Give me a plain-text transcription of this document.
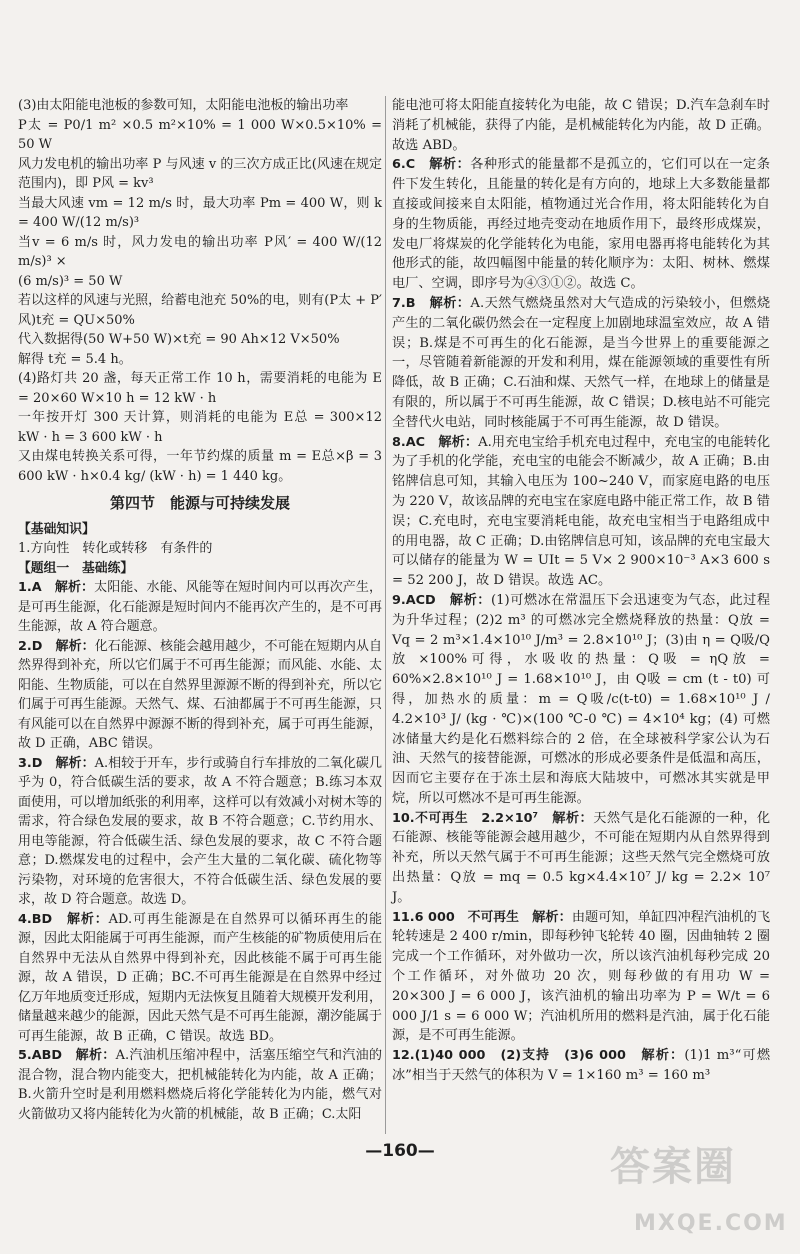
(3)由太阳能电池板的参数可知，太阳能电池板的输出功率

P太 = P0/1 m² ×0.5 m²×10% = 1 000 W×0.5×10% = 50 W

风力发电机的输出功率 P 与风速 v 的三次方成正比(风速在规定范围内)，即 P风 = kv³

当最大风速 vm = 12 m/s 时，最大功率 Pm = 400 W，则 k = 400 W/(12 m/s)³

当v = 6 m/s 时，风力发电的输出功率 P风′ = 400 W/(12 m/s)³ ×

(6 m/s)³ = 50 W

若以这样的风速与光照，给蓄电池充 50%的电，则有(P太 + P′风)t充 = QU×50%

代入数据得(50 W+50 W)×t充 = 90 Ah×12 V×50%

解得 t充 = 5.4 h。

(4)路灯共 20 盏，每天正常工作 10 h，需要消耗的电能为 E = 20×60 W×10 h = 12 kW · h

一年按开灯 300 天计算，则消耗的电能为 E总 = 300×12 kW · h = 3 600 kW · h

又由煤电转换关系可得，一年节约煤的质量 m = E总×β = 3 600 kW · h×0.4 kg/ (kW · h) = 1 440 kg。

第四节　能源与可持续发展

【基础知识】

1.方向性　转化或转移　有条件的

【题组一　基础练】

1.A　 解析：太阳能、水能、风能等在短时间内可以再次产生，是可再生能源，化石能源是短时间内不能再次产生的，是不可再生能源，故 A 符合题意。

2.D　 解析：化石能源、核能会越用越少，不可能在短期内从自然界得到补充，所以它们属于不可再生能源；而风能、水能、太阳能、生物质能，可以在自然界里源源不断的得到补充，所以它们属于可再生能源。天然气、煤、石油都属于不可再生能源，只有风能可以在自然界中源源不断的得到补充，属于可再生能源，故 D 正确，ABC 错误。

3.D　 解析：A.相较于开车，步行或骑自行车排放的二氧化碳几乎为 0，符合低碳生活的要求，故 A 不符合题意；B.练习本双面使用，可以增加纸张的利用率，这样可以有效减小对树木等的需求，符合绿色发展的要求，故 B 不符合题意；C.节约用水、用电等能源，符合低碳生活、绿色发展的要求，故 C 不符合题意；D.燃煤发电的过程中，会产生大量的二氧化碳、硫化物等污染物，对环境的危害很大，不符合低碳生活、绿色发展的要求，故 D 符合题意。故选 D。

4.BD　 解析：AD.可再生能源是在自然界可以循环再生的能源，因此太阳能属于可再生能源，而产生核能的矿物质使用后在自然界中无法从自然界中得到补充，因此核能不属于可再生能源，故 A 错误，D 正确；BC.不可再生能源是在自然界中经过亿万年地质变迁形成，短期内无法恢复且随着大规模开发利用，储量越来越少的能源，因此天然气是不可再生能源，潮汐能属于可再生能源，故 B 正确，C 错误。故选 BD。

5.ABD　 解析：A.汽油机压缩冲程中，活塞压缩空气和汽油的混合物，混合物内能变大，把机械能转化为内能，故 A 正确；B.火箭升空时是利用燃料燃烧后将化学能转化为内能，燃气对火箭做功又将内能转化为火箭的机械能，故 B 正确；C.太阳

能电池可将太阳能直接转化为电能，故 C 错误；D.汽车急刹车时消耗了机械能，获得了内能，是机械能转化为内能，故 D 正确。故选 ABD。

6.C　 解析：各种形式的能量都不是孤立的，它们可以在一定条件下发生转化，且能量的转化是有方向的，地球上大多数能量都直接或间接来自太阳能，植物通过光合作用，将太阳能转化为自身的生物质能，再经过地壳变动在地质作用下，最终形成煤炭，发电厂将煤炭的化学能转化为电能，家用电器再将电能转化为其他形式的能，故四幅图中能量的转化顺序为：太阳、树林、燃煤电厂、空调，即序号为④③①②。故选 C。

7.B　 解析：A.天然气燃烧虽然对大气造成的污染较小，但燃烧产生的二氧化碳仍然会在一定程度上加剧地球温室效应，故 A 错误；B.煤是不可再生的化石能源，是当今世界上的重要能源之一，尽管随着新能源的开发和利用，煤在能源领域的重要性有所降低，故 B 正确；C.石油和煤、天然气一样，在地球上的储量是有限的，所以属于不可再生能源，故 C 错误；D.核电站不可能完全替代火电站，同时核能属于不可再生能源，故 D 错误。

8.AC　 解析：A.用充电宝给手机充电过程中，充电宝的电能转化为了手机的化学能，充电宝的电能会不断减少，故 A 正确；B.由铭牌信息可知，其输入电压为 100~240 V，而家庭电路的电压为 220 V，故该品牌的充电宝在家庭电路中能正常工作，故 B 错误；C.充电时，充电宝要消耗电能，故充电宝相当于电路组成中的用电器，故 C 正确；D.由铭牌信息可知，该品牌的充电宝最大可以储存的能量为 W = UIt = 5 V× 2 900×10⁻³ A×3 600 s = 52 200 J，故 D 错误。故选 AC。

9.ACD　 解析：(1)可燃冰在常温压下会迅速变为气态，此过程为升华过程；(2)2 m³ 的可燃冰完全燃烧释放的热量：Q放 = Vq = 2 m³×1.4×10¹⁰ J/m³ = 2.8×10¹⁰ J；(3)由 η = Q吸/Q放 ×100%可得，水吸收的热量：Q吸 = ηQ放 = 60%×2.8×10¹⁰ J = 1.68×10¹⁰ J，由 Q吸 = cm (t - t0) 可得，加热水的质量：m = Q吸/c(t-t0) = 1.68×10¹⁰ J / 4.2×10³ J/ (kg · ℃)×(100 ℃-0 ℃) = 4×10⁴ kg；(4) 可燃冰储量大约是化石燃料综合的 2 倍，在全球被科学家公认为石油、天然气的接替能源，可燃冰的形成必要条件是低温和高压，因而它主要存在于冻土层和海底大陆坡中，可燃冰其实就是甲烷，所以可燃冰不是可再生能源。

10.不可再生　2.2×10⁷　 解析：天然气是化石能源的一种，化石能源、核能等能源会越用越少，不可能在短期内从自然界得到补充，所以天然气属于不可再生能源；这些天然气完全燃烧可放出热量：Q放 = mq = 0.5 kg×4.4×10⁷ J/ kg = 2.2× 10⁷ J。

11.6 000　不可再生　 解析：由题可知，单缸四冲程汽油机的飞轮转速是 2 400 r/min，即每秒钟飞轮转 40 圈，因曲轴转 2 圈完成一个工作循环，对外做功一次，所以该汽油机每秒完成 20 个工作循环，对外做功 20 次，则每秒做的有用功 W = 20×300 J = 6 000 J，该汽油机的输出功率为 P = W/t = 6 000 J/1 s = 6 000 W；汽油机所用的燃料是汽油，属于化石能源，是不可再生能源。

12.(1)40 000　(2)支持　(3)6 000　 解析：(1)1 m³“可燃冰”相当于天然气的体积为 V = 1×160 m³ = 160 m³

—160—	答案圈
MXQE.COM
